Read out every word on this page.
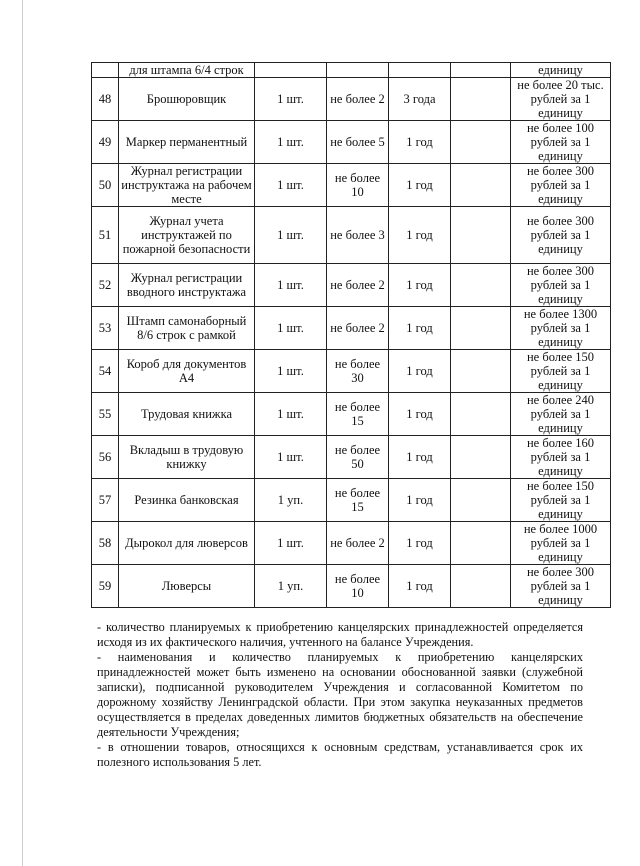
	для штампа 6/4 строк					единицу
48	Брошюровщик	1 шт.	не более 2	3 года		не более 20 тыс. рублей за 1 единицу
49	Маркер перманентный	1 шт.	не более 5	1 год		не более 100 рублей за 1 единицу
50	Журнал регистрации инструктажа на рабочем месте	1 шт.	не более 10	1 год		не более 300 рублей за 1 единицу
51	Журнал учета инструктажей по пожарной безопасности	1 шт.	не более 3	1 год		не более 300 рублей за 1 единицу
52	Журнал регистрации вводного инструктажа	1 шт.	не более 2	1 год		не более 300 рублей за 1 единицу
53	Штамп самонаборный 8/6 строк с рамкой	1 шт.	не более 2	1 год		не более 1300 рублей за 1 единицу
54	Короб для документов А4	1 шт.	не более 30	1 год		не более 150 рублей за 1 единицу
55	Трудовая книжка	1 шт.	не более 15	1 год		не более 240 рублей за 1 единицу
56	Вкладыш в трудовую книжку	1 шт.	не более 50	1 год		не более 160 рублей за 1 единицу
57	Резинка банковская	1 уп.	не более 15	1 год		не более 150 рублей за 1 единицу
58	Дырокол для люверсов	1 шт.	не более 2	1 год		не более 1000 рублей за 1 единицу
59	Люверсы	1 уп.	не более 10	1 год		не более 300 рублей за 1 единицу

- количество планируемых к приобретению канцелярских принадлежностей определяется исходя из их фактического наличия, учтенного на балансе Учреждения.

- наименования и количество планируемых к приобретению канцелярских принадлежностей может быть изменено на основании обоснованной заявки (служебной записки), подписанной руководителем Учреждения и согласованной Комитетом по дорожному хозяйству Ленинградской области. При этом закупка неуказанных предметов осуществляется в пределах доведенных лимитов бюджетных обязательств на обеспечение деятельности Учреждения;

- в отношении товаров, относящихся к основным средствам, устанавливается срок их полезного использования 5 лет.
